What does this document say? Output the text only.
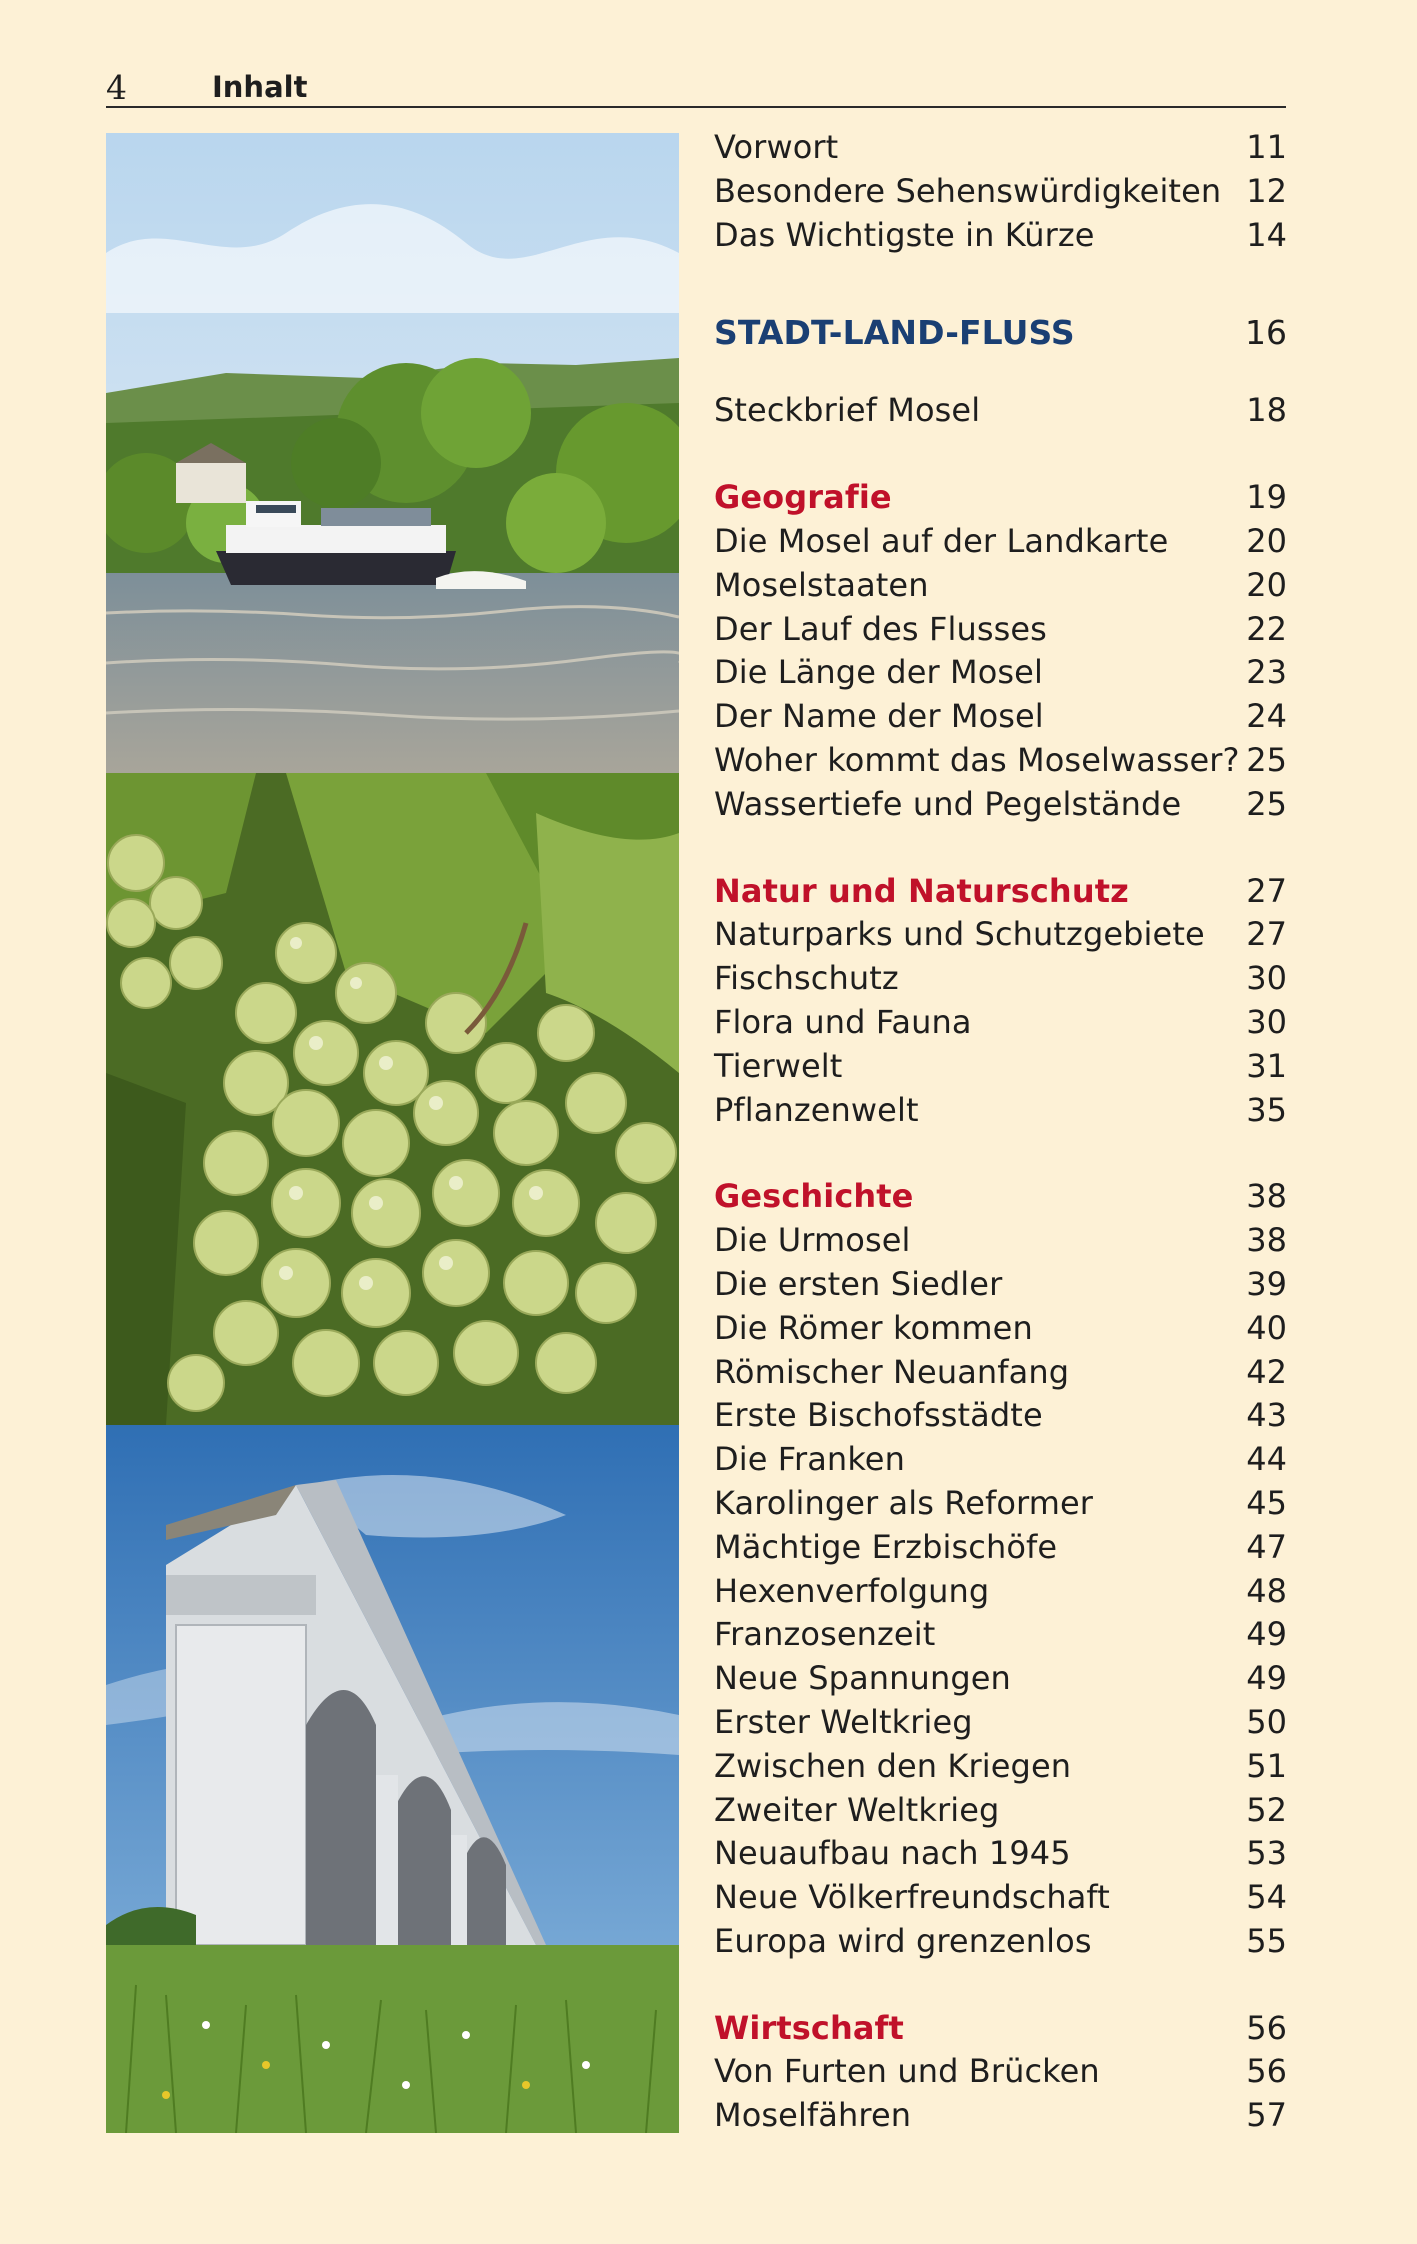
4	Inhalt
Vorwort	11
Besondere Sehenswürdigkeiten 12
Das Wichtigste in Kürze	14
STADT-LAND-FLUSS	16
Steckbrief Mosel	18
Geografie	19
Die Mosel auf der Landkarte 20
Moselstaaten	20
Der Lauf des Flusses	22
Die Länge der Mosel	23
Der Name der Mosel	24
Woher kommt das Moselwasser? 25
Wassertiefe und Pegelstände 25
Natur und Naturschutz	27
Naturparks und Schutzgebiete 27
Fischschutz	30
Flora und Fauna	30
Tierwelt	31
Pflanzenwelt	35
Geschichte	38
Die Urmosel	38
Die ersten Siedler	39
Die Römer kommen	40
Römischer Neuanfang	42
Erste Bischofsstädte	43
Die Franken	44
Karolinger als Reformer	45
Mächtige Erzbischöfe	47
Hexenverfolgung	48
Franzosenzeit	49
Neue Spannungen	49
Erster Weltkrieg	50
Zwischen den Kriegen	51
Zweiter Weltkrieg	52
Neuaufbau nach 1945	53
Neue Völkerfreundschaft	54
Europa wird grenzenlos	55
Wirtschaft	56
Von Furten und Brücken	56
Moselfähren	57
